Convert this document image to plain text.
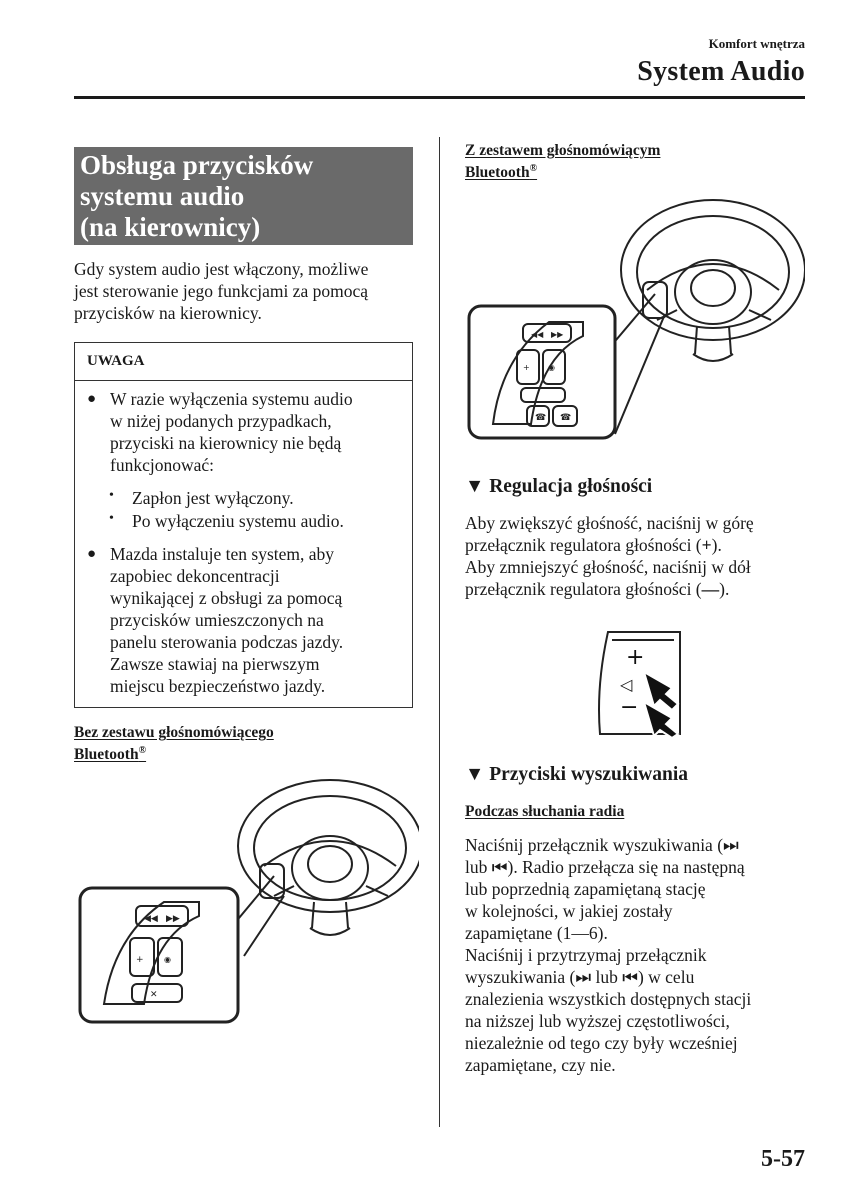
Komfort wnętrza
System Audio
Obsługa przycisków
systemu audio
(na kierownicy)
Gdy system audio jest włączony, możliwe
jest sterowanie jego funkcjami za pomocą
przycisków na kierownicy.
UWAGA
● W razie wyłączenia systemu audio
w niżej podanych przypadkach,
przyciski na kierownicy nie będą
funkcjonować:
• Zapłon jest wyłączony.
• Po wyłączeniu systemu audio.
● Mazda instaluje ten system, aby
zapobiec dekoncentracji
wynikającej z obsługi za pomocą
przycisków umieszczonych na
panelu sterowania podczas jazdy.
Zawsze stawiaj na pierwszym
miejscu bezpieczeństwo jazdy.
Bez zestawu głośnomówiącego
Bluetooth®
◀◀ ▶▶
+	◉
✕
Z zestawem głośnomówiącym
Bluetooth®
◀◀ ▶▶
+ ◉
☎ ☎
▼ Regulacja głośności
Aby zwiększyć głośność, naciśnij w górę
przełącznik regulatora głośności (+).
Aby zmniejszyć głośność, naciśnij w dół
przełącznik regulatora głośności (—).
+
◁
−
▼ Przyciski wyszukiwania
Podczas słuchania radia
Naciśnij przełącznik wyszukiwania (⏭
lub ⏮). Radio przełącza się na następną
lub poprzednią zapamiętaną stację
w kolejności, w jakiej zostały
zapamiętane (1―6).
Naciśnij i przytrzymaj przełącznik
wyszukiwania (⏭ lub ⏮) w celu
znalezienia wszystkich dostępnych stacji
na niższej lub wyższej częstotliwości,
niezależnie od tego czy były wcześniej
zapamiętane, czy nie.
5-57
